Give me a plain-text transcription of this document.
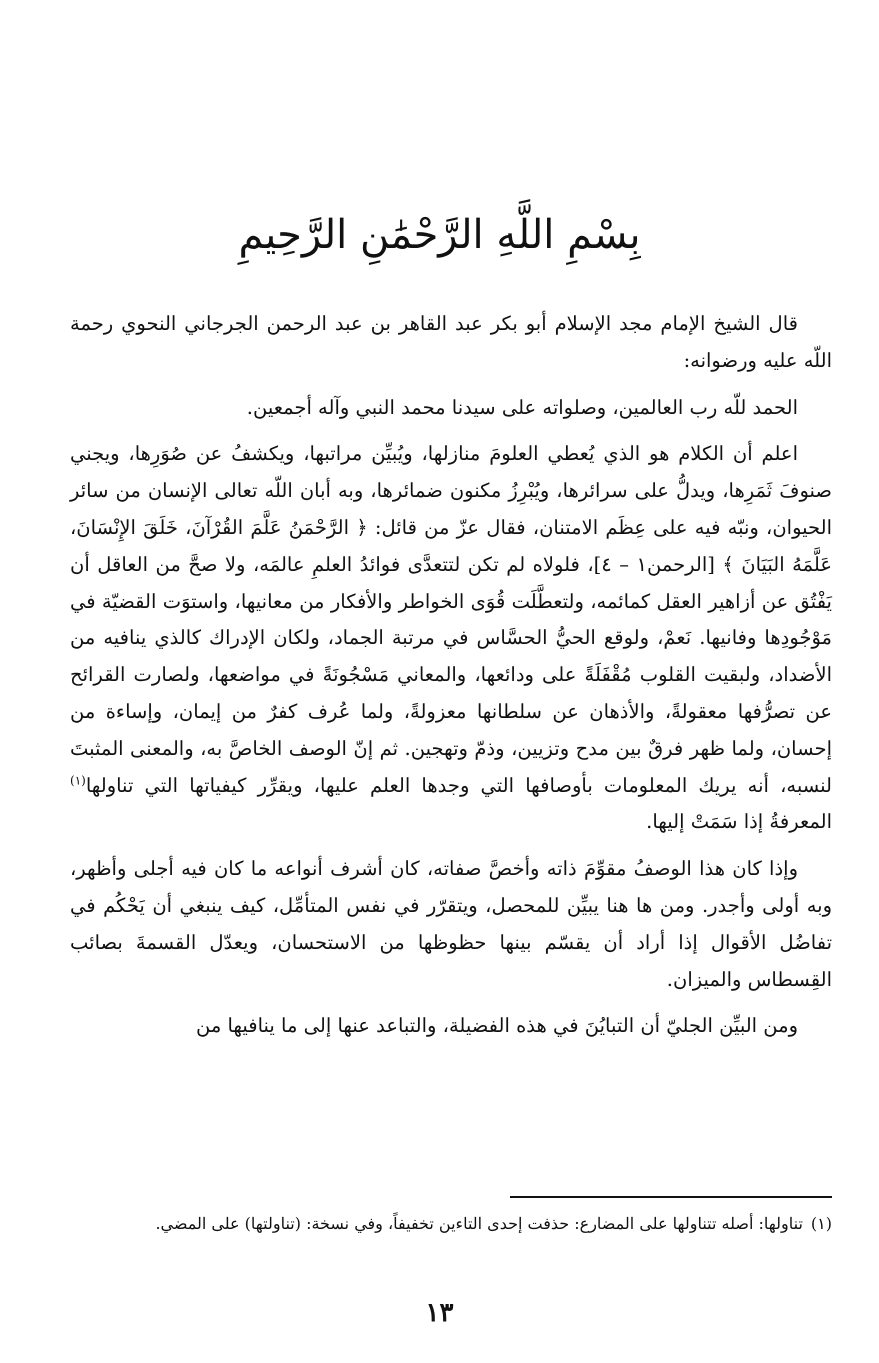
بِسْمِ اللَّهِ الرَّحْمَٰنِ الرَّحِيمِ

قال الشيخ الإمام مجد الإسلام أبو بكر عبد القاهر بن عبد الرحمن الجرجاني النحوي رحمة اللّه عليه ورضوانه:

الحمد للّه رب العالمين، وصلواته على سيدنا محمد النبي وآله أجمعين.

اعلم أن الكلام هو الذي يُعطي العلومَ منازلها، ويُبيِّن مراتبها، ويكشفُ عن صُوَرِها، ويجني صنوفَ ثَمَرِها، ويدلُّ على سرائرها، ويُبْرِزُ مكنون ضمائرها، وبه أبان اللّه تعالى الإنسان من سائر الحيوان، ونبّه فيه على عِظَم الامتنان، فقال عزّ من قائل: ﴿ الرَّحْمَنُ عَلَّمَ القُرْآنَ، خَلَقَ الإِنْسَانَ، عَلَّمَهُ البَيَانَ ﴾ [الرحمن١ – ٤]، فلولاه لم تكن لتتعدَّى فوائدُ العلمِ عالمَه، ولا صحَّ من العاقل أن يَفْتُق عن أزاهير العقل كمائمه، ولتعطَّلَت قُوَى الخواطر والأفكار من معانيها، واستوَت القضيّة في مَوْجُودِها وفانيها. نَعمْ، ولوقع الحيُّ الحسَّاس في مرتبة الجماد، ولكان الإدراك كالذي ينافيه من الأضداد، ولبقيت القلوب مُقْفَلَةً على ودائعها، والمعاني مَسْجُونَةً في مواضعها، ولصارت القرائح عن تصرُّفها معقولةً، والأذهان عن سلطانها معزولةً، ولما عُرف كفرٌ من إيمان، وإساءة من إحسان، ولما ظهر فرقٌ بين مدح وتزيين، وذمّ وتهجين. ثم إنّ الوصف الخاصَّ به، والمعنى المثبتَ لنسبه، أنه يريك المعلومات بأوصافها التي وجدها العلم عليها، ويقرِّر كيفياتها التي تناولها$^{(١)}$ المعرفةُ إذا سَمَتْ إليها.

وإذا كان هذا الوصفُ مقوِّمَ ذاته وأخصَّ صفاته، كان أشرف أنواعه ما كان فيه أجلى وأظهر، وبه أولى وأجدر. ومن ها هنا يبيِّن للمحصل، ويتقرّر في نفس المتأمِّل، كيف ينبغي أن يَحْكُم في تفاضُل الأقوال إذا أراد أن يقسّم بينها حظوظها من الاستحسان، ويعدّل القسمةَ بصائب القِسطاس والميزان.

ومن البيِّن الجليّ أن التبايُنَ في هذه الفضيلة، والتباعد عنها إلى ما ينافيها من

(١)تناولها: أصله تتناولها على المضارع: حذفت إحدى التاءين تخفيفاً، وفي نسخة: (تناولتها) على المضي.
١٣
